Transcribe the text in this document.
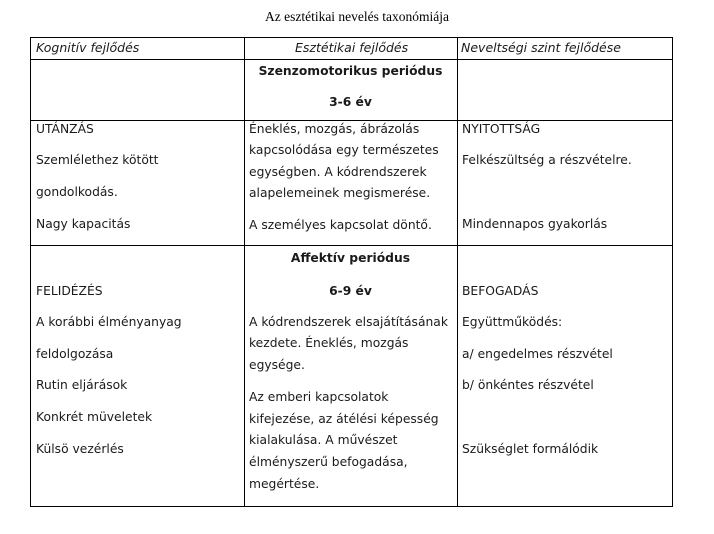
Az esztétikai nevelés taxonómiája
Kognitív fejlődés	Esztétikai fejlődés	Neveltségi szint fejlődése
Szenzomotorikus periódus
3-6 év
UTÁNZÁS
Szemlélethez kötött
gondolkodás.
Nagy kapacitás
Éneklés, mozgás, ábrázolás
kapcsolódása egy természetes
egységben. A kódrendszerek
alapelemeinek megismerése.
A személyes kapcsolat döntő.
NYITOTTSÁG
Felkészültség a részvételre.
Mindennapos gyakorlás
Affektív periódus
6-9 év
FELIDÉZÉS
A korábbi élményanyag
feldolgozása
Rutin eljárások
Konkrét müveletek
Külsö vezérlés
A kódrendszerek elsajátításának
kezdete. Éneklés, mozgás
egysége.
Az emberi kapcsolatok
kifejezése, az átélési képesség
kialakulása. A művészet
élményszerű befogadása,
megértése.
BEFOGADÁS
Együttműködés:
a/ engedelmes részvétel
b/ önkéntes részvétel
Szükséglet formálódik
